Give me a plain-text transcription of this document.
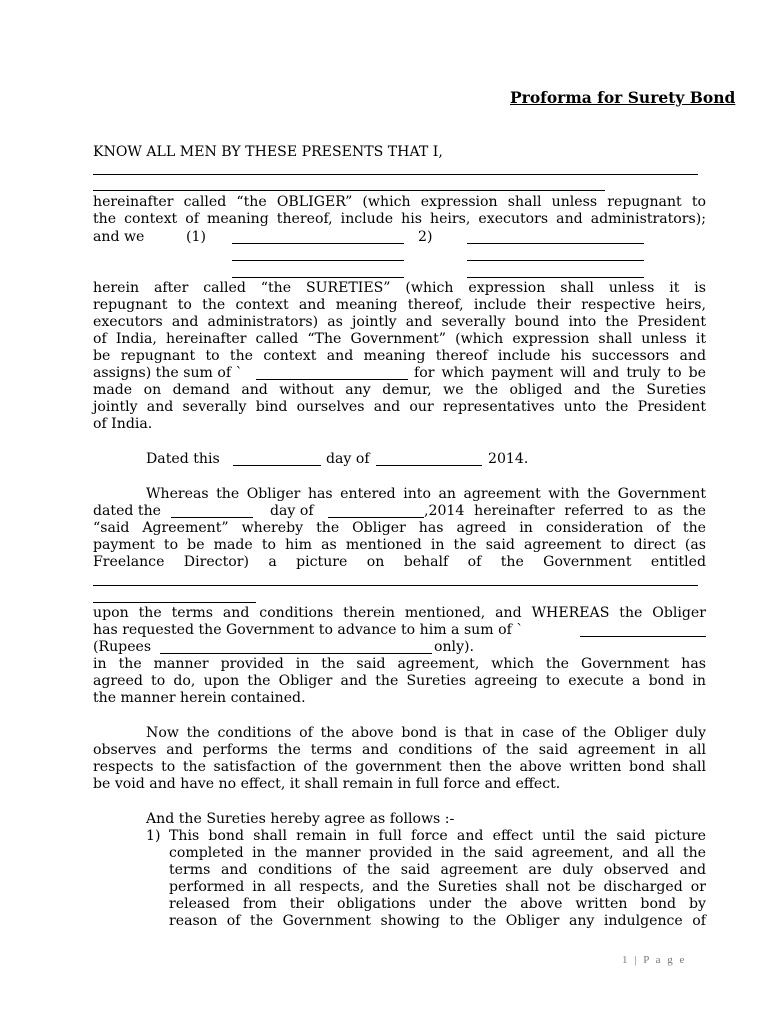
Proforma for Surety Bond
KNOW ALL MEN BY THESE PRESENTS THAT I,
hereinafter called “the OBLIGER” (which expression shall unless repugnant to
the context of meaning thereof, include his heirs, executors and administrators);
and we	(1)	2)
herein after called “the SURETIES” (which expression shall unless it is
repugnant to the context and meaning thereof, include their respective heirs,
executors and administrators) as jointly and severally bound into the President
of India, hereinafter called “The Government” (which expression shall unless it
be repugnant to the context and meaning thereof include his successors and
assigns) the sum of `	for which payment will and truly to be
made on demand and without any demur, we the obliged and the Sureties
jointly and severally bind ourselves and our representatives unto the President
of India.
Dated this	day of	2014.
Whereas the Obliger has entered into an agreement with the Government
dated the	day of	,2014 hereinafter referred to as the
“said Agreement” whereby the Obliger has agreed in consideration of the
payment to be made to him as mentioned in the said agreement to direct (as
Freelance Director) a picture on behalf of the Government entitled
upon the terms and conditions therein mentioned, and WHEREAS the Obliger
has requested the Government to advance to him a sum of `
(Rupees	only).
in the manner provided in the said agreement, which the Government has
agreed to do, upon the Obliger and the Sureties agreeing to execute a bond in
the manner herein contained.
Now the conditions of the above bond is that in case of the Obliger duly
observes and performs the terms and conditions of the said agreement in all
respects to the satisfaction of the government then the above written bond shall
be void and have no effect, it shall remain in full force and effect.
And the Sureties hereby agree as follows :-
1) This bond shall remain in full force and effect until the said picture
completed in the manner provided in the said agreement, and all the
terms and conditions of the said agreement are duly observed and
performed in all respects, and the Sureties shall not be discharged or
released from their obligations under the above written bond by
reason of the Government showing to the Obliger any indulgence of
1 | P a g e
